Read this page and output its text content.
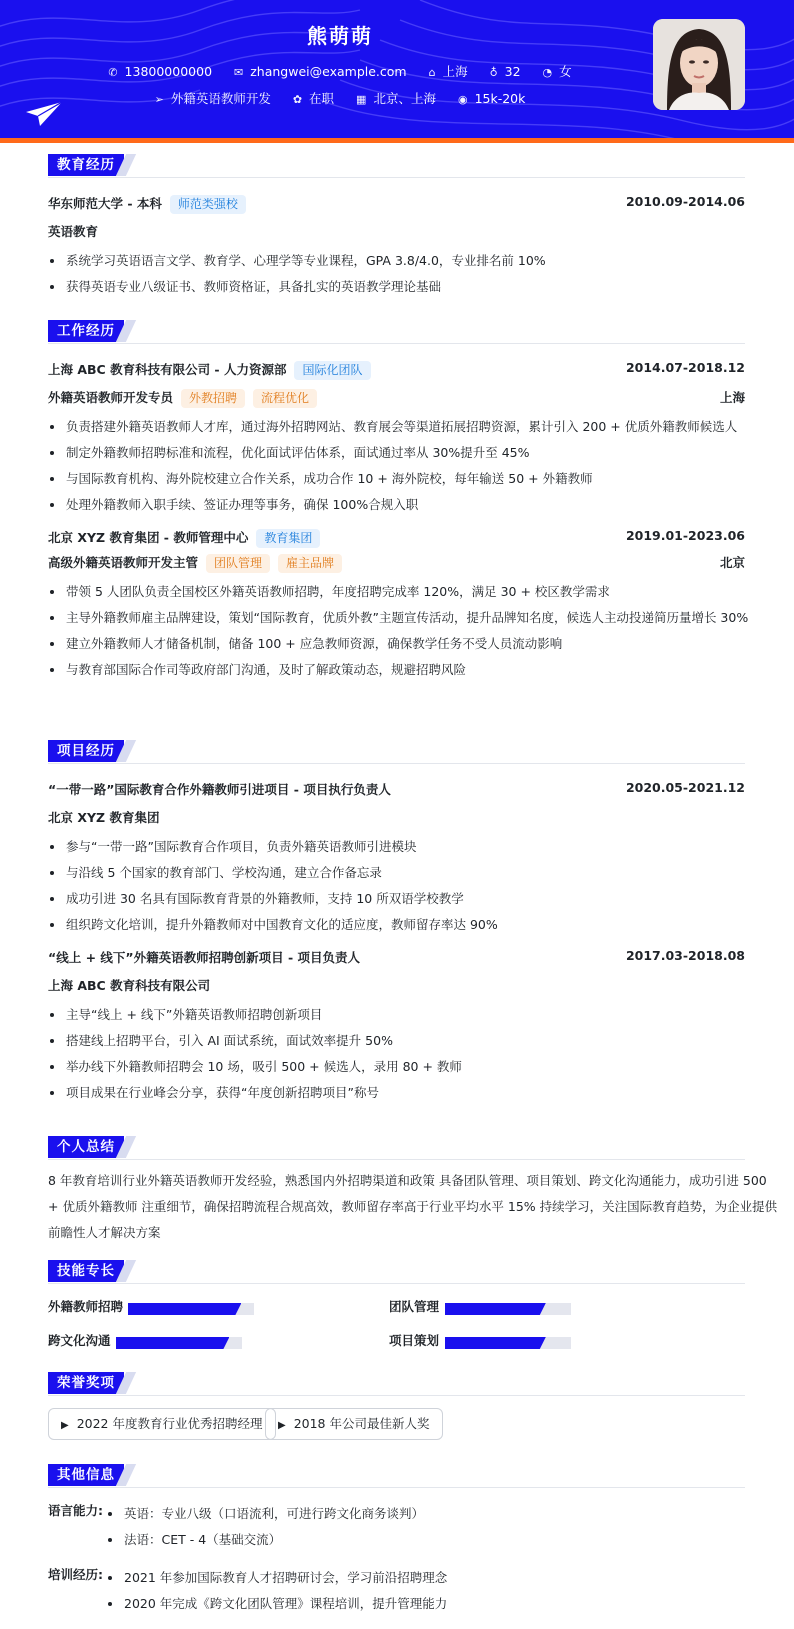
熊萌萌
✆ 13800000000 ✉ zhangwei@example.com ⌂ 上海 ♁ 32 ◔ 女
➢ 外籍英语教师开发 ✿ 在职 ▦ 北京、上海 ◉ 15k-20k
教育经历
华东师范大学 - 本科 师范类强校	2010.09-2014.06
英语教育
系统学习英语语言文学、教育学、心理学等专业课程，GPA 3.8/4.0，专业排名前 10%
获得英语专业八级证书、教师资格证，具备扎实的英语教学理论基础
工作经历
上海 ABC 教育科技有限公司 - 人力资源部 国际化团队	2014.07-2018.12
外籍英语教师开发专员 外教招聘 流程优化	上海
负责搭建外籍英语教师人才库，通过海外招聘网站、教育展会等渠道拓展招聘资源，累计引入 200 + 优质外籍教师候选人
制定外籍教师招聘标准和流程，优化面试评估体系，面试通过率从 30%提升至 45%
与国际教育机构、海外院校建立合作关系，成功合作 10 + 海外院校，每年输送 50 + 外籍教师
处理外籍教师入职手续、签证办理等事务，确保 100%合规入职
北京 XYZ 教育集团 - 教师管理中心 教育集团	2019.01-2023.06
高级外籍英语教师开发主管 团队管理 雇主品牌	北京
带领 5 人团队负责全国校区外籍英语教师招聘，年度招聘完成率 120%，满足 30 + 校区教学需求
主导外籍教师雇主品牌建设，策划“国际教育，优质外教”主题宣传活动，提升品牌知名度，候选人主动投递简历量增长 30%
建立外籍教师人才储备机制，储备 100 + 应急教师资源，确保教学任务不受人员流动影响
与教育部国际合作司等政府部门沟通，及时了解政策动态，规避招聘风险
项目经历
“一带一路”国际教育合作外籍教师引进项目 - 项目执行负责人	2020.05-2021.12
北京 XYZ 教育集团
参与“一带一路”国际教育合作项目，负责外籍英语教师引进模块
与沿线 5 个国家的教育部门、学校沟通，建立合作备忘录
成功引进 30 名具有国际教育背景的外籍教师，支持 10 所双语学校教学
组织跨文化培训，提升外籍教师对中国教育文化的适应度，教师留存率达 90%
“线上 + 线下”外籍英语教师招聘创新项目 - 项目负责人	2017.03-2018.08
上海 ABC 教育科技有限公司
主导“线上 + 线下”外籍英语教师招聘创新项目
搭建线上招聘平台，引入 AI 面试系统，面试效率提升 50%
举办线下外籍教师招聘会 10 场，吸引 500 + 候选人，录用 80 + 教师
项目成果在行业峰会分享，获得“年度创新招聘项目”称号
个人总结
8 年教育培训行业外籍英语教师开发经验，熟悉国内外招聘渠道和政策 具备团队管理、项目策划、跨文化沟通能力，成功引进 500
+ 优质外籍教师 注重细节，确保招聘流程合规高效，教师留存率高于行业平均水平 15% 持续学习，关注国际教育趋势，为企业提供
前瞻性人才解决方案
技能专长
外籍教师招聘	团队管理
跨文化沟通	项目策划
荣誉奖项
▶ 2022 年度教育行业优秀招聘经理	▶ 2018 年公司最佳新人奖
其他信息
语言能力:	英语：专业八级（口语流利，可进行跨文化商务谈判）
法语：CET - 4（基础交流）
培训经历:	2021 年参加国际教育人才招聘研讨会，学习前沿招聘理念
2020 年完成《跨文化团队管理》课程培训，提升管理能力
